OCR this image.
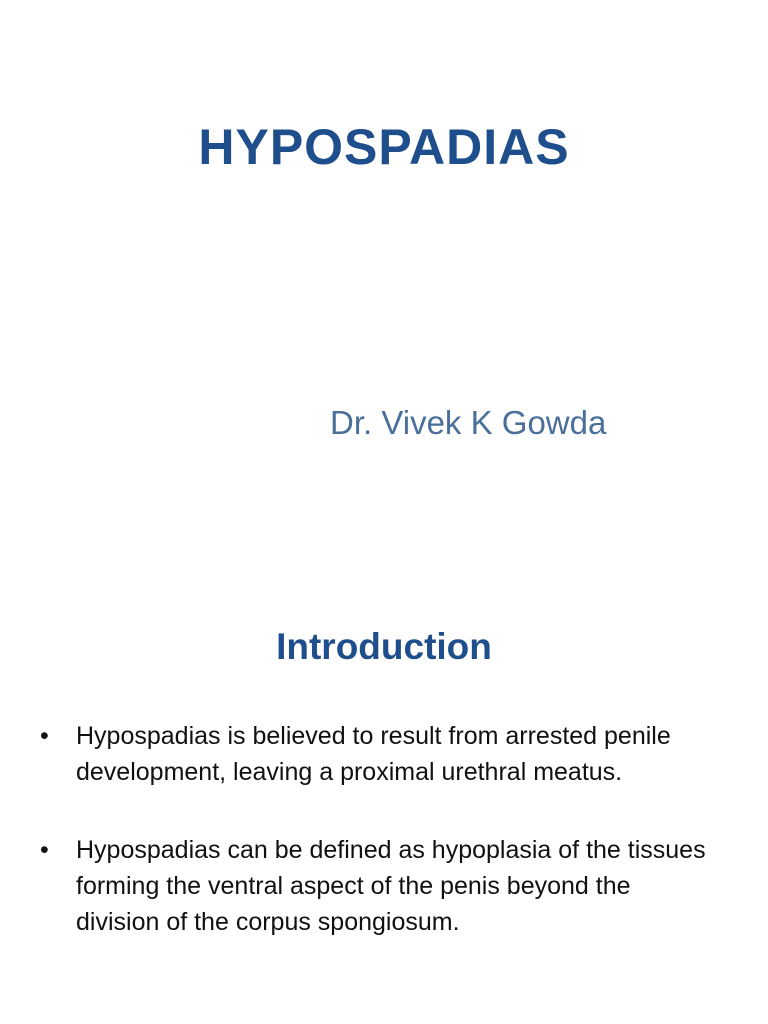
HYPOSPADIAS
Dr. Vivek K Gowda
Introduction
•	Hypospadias is believed to result from arrested penile development, leaving a proximal urethral meatus.
•	Hypospadias can be defined as hypoplasia of the tissues forming the ventral aspect of the penis beyond the division of the corpus spongiosum.
